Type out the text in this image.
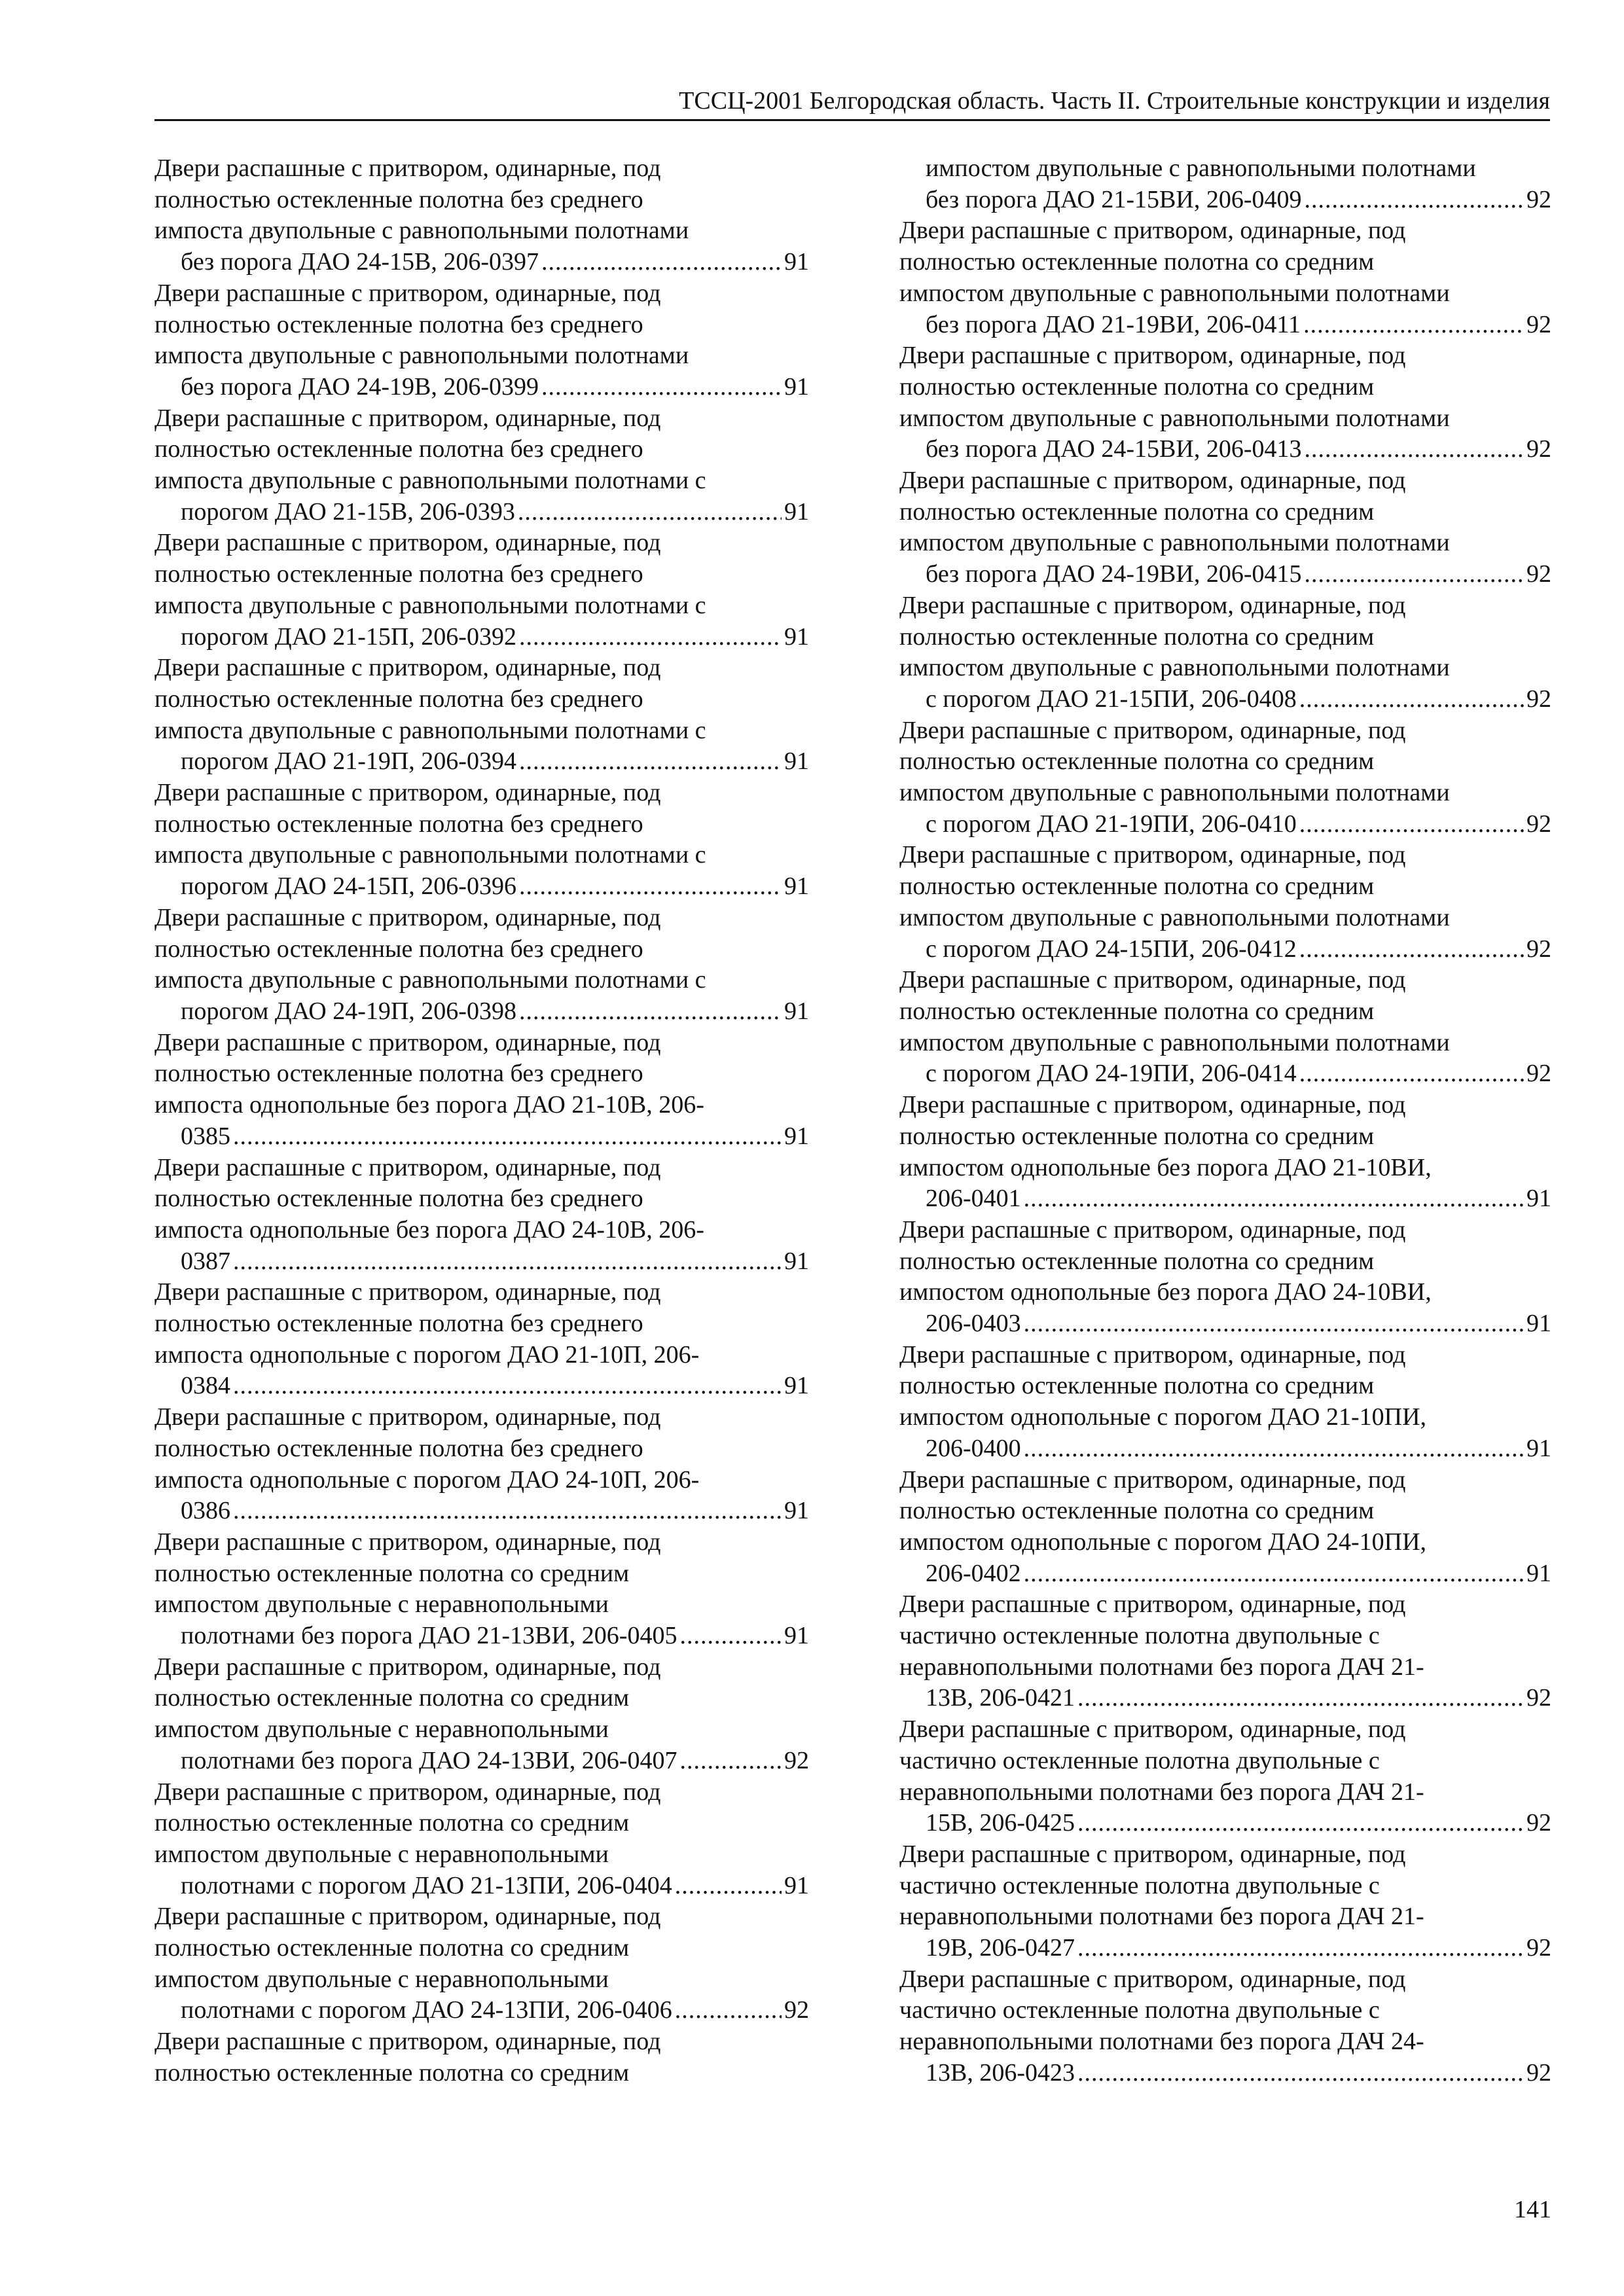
ТССЦ-2001 Белгородская область. Часть II. Строительные конструкции и изделия
Двери распашные с притвором, одинарные, под
полностью остекленные полотна без среднего
импоста двупольные с равнопольными полотнами
без порога ДАО 24-15В, 206-0397 .....	91
Двери распашные с притвором, одинарные, под
полностью остекленные полотна без среднего
импоста двупольные с равнопольными полотнами
без порога ДАО 24-19В, 206-0399 .....	91
Двери распашные с притвором, одинарные, под
полностью остекленные полотна без среднего
импоста двупольные с равнопольными полотнами с
порогом ДАО 21-15В, 206-0393 .....	91
Двери распашные с притвором, одинарные, под
полностью остекленные полотна без среднего
импоста двупольные с равнопольными полотнами с
порогом ДАО 21-15П, 206-0392 .....	91
Двери распашные с притвором, одинарные, под
полностью остекленные полотна без среднего
импоста двупольные с равнопольными полотнами с
порогом ДАО 21-19П, 206-0394 .....	91
Двери распашные с притвором, одинарные, под
полностью остекленные полотна без среднего
импоста двупольные с равнопольными полотнами с
порогом ДАО 24-15П, 206-0396 .....	91
Двери распашные с притвором, одинарные, под
полностью остекленные полотна без среднего
импоста двупольные с равнопольными полотнами с
порогом ДАО 24-19П, 206-0398 .....	91
Двери распашные с притвором, одинарные, под
полностью остекленные полотна без среднего
импоста однопольные без порога ДАО 21-10В, 206-
0385 .....	91
Двери распашные с притвором, одинарные, под
полностью остекленные полотна без среднего
импоста однопольные без порога ДАО 24-10В, 206-
0387 .....	91
Двери распашные с притвором, одинарные, под
полностью остекленные полотна без среднего
импоста однопольные с порогом ДАО 21-10П, 206-
0384 .....	91
Двери распашные с притвором, одинарные, под
полностью остекленные полотна без среднего
импоста однопольные с порогом ДАО 24-10П, 206-
0386 .....	91
Двери распашные с притвором, одинарные, под
полностью остекленные полотна со средним
импостом двупольные с неравнопольными
полотнами без порога ДАО 21-13ВИ, 206-0405 .....	91
Двери распашные с притвором, одинарные, под
полностью остекленные полотна со средним
импостом двупольные с неравнопольными
полотнами без порога ДАО 24-13ВИ, 206-0407 .....	92
Двери распашные с притвором, одинарные, под
полностью остекленные полотна со средним
импостом двупольные с неравнопольными
полотнами с порогом ДАО 21-13ПИ, 206-0404 .....	91
Двери распашные с притвором, одинарные, под
полностью остекленные полотна со средним
импостом двупольные с неравнопольными
полотнами с порогом ДАО 24-13ПИ, 206-0406 .....	92
Двери распашные с притвором, одинарные, под
полностью остекленные полотна со средним
импостом двупольные с равнопольными полотнами
без порога ДАО 21-15ВИ, 206-0409 .....	92
Двери распашные с притвором, одинарные, под
полностью остекленные полотна со средним
импостом двупольные с равнопольными полотнами
без порога ДАО 21-19ВИ, 206-0411 .....	92
Двери распашные с притвором, одинарные, под
полностью остекленные полотна со средним
импостом двупольные с равнопольными полотнами
без порога ДАО 24-15ВИ, 206-0413 .....	92
Двери распашные с притвором, одинарные, под
полностью остекленные полотна со средним
импостом двупольные с равнопольными полотнами
без порога ДАО 24-19ВИ, 206-0415 .....	92
Двери распашные с притвором, одинарные, под
полностью остекленные полотна со средним
импостом двупольные с равнопольными полотнами
с порогом ДАО 21-15ПИ, 206-0408 .....	92
Двери распашные с притвором, одинарные, под
полностью остекленные полотна со средним
импостом двупольные с равнопольными полотнами
с порогом ДАО 21-19ПИ, 206-0410 .....	92
Двери распашные с притвором, одинарные, под
полностью остекленные полотна со средним
импостом двупольные с равнопольными полотнами
с порогом ДАО 24-15ПИ, 206-0412 .....	92
Двери распашные с притвором, одинарные, под
полностью остекленные полотна со средним
импостом двупольные с равнопольными полотнами
с порогом ДАО 24-19ПИ, 206-0414 .....	92
Двери распашные с притвором, одинарные, под
полностью остекленные полотна со средним
импостом однопольные без порога ДАО 21-10ВИ,
206-0401 .....	91
Двери распашные с притвором, одинарные, под
полностью остекленные полотна со средним
импостом однопольные без порога ДАО 24-10ВИ,
206-0403 .....	91
Двери распашные с притвором, одинарные, под
полностью остекленные полотна со средним
импостом однопольные с порогом ДАО 21-10ПИ,
206-0400 .....	91
Двери распашные с притвором, одинарные, под
полностью остекленные полотна со средним
импостом однопольные с порогом ДАО 24-10ПИ,
206-0402 .....	91
Двери распашные с притвором, одинарные, под
частично остекленные полотна двупольные с
неравнопольными полотнами без порога ДАЧ 21-
13В, 206-0421 .....	92
Двери распашные с притвором, одинарные, под
частично остекленные полотна двупольные с
неравнопольными полотнами без порога ДАЧ 21-
15В, 206-0425 .....	92
Двери распашные с притвором, одинарные, под
частично остекленные полотна двупольные с
неравнопольными полотнами без порога ДАЧ 21-
19В, 206-0427 .....	92
Двери распашные с притвором, одинарные, под
частично остекленные полотна двупольные с
неравнопольными полотнами без порога ДАЧ 24-
13В, 206-0423 .....	92
141
